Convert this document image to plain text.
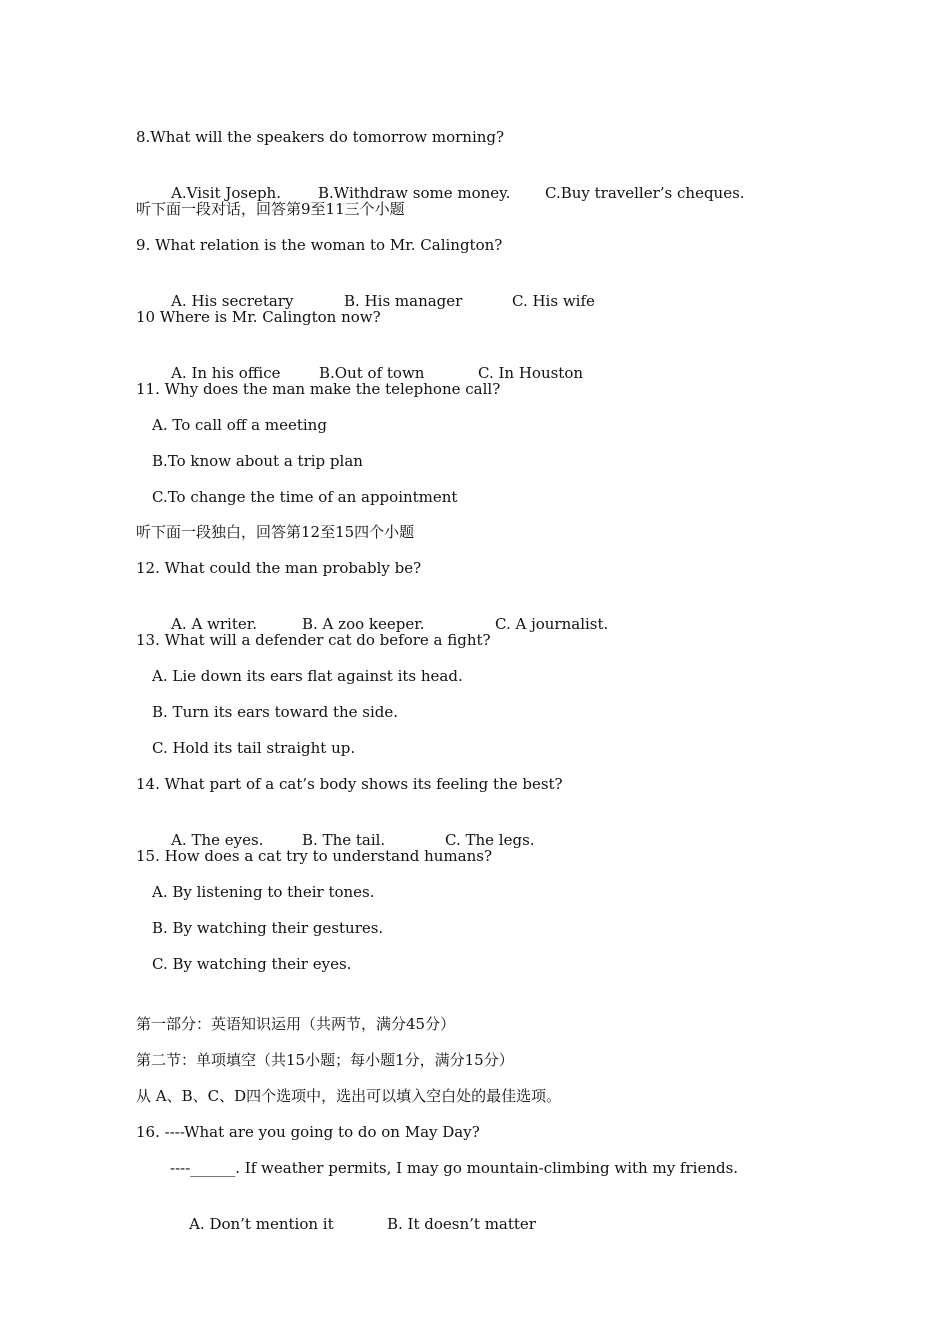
8.What will the speakers do tomorrow morning?

A.Visit Joseph. B.Withdraw some money. C.Buy traveller’s cheques.

听下面一段对话，回答第9至11三个小题
9. What relation is the woman to Mr. Calington?

A. His secretary	B. His manager	C. His wife

10 Where is Mr. Calington now?

A. In his office	B.Out of town	C. In Houston

11. Why does the man make the telephone call?
A. To call off a meeting
B.To know about a trip plan
C.To change the time of an appointment
听下面一段独白，回答第12至15四个小题
12. What could the man probably be?

A. A writer.	B. A zoo keeper.	C. A journalist.

13. What will a defender cat do before a fight?
A. Lie down its ears flat against its head.
B. Turn its ears toward the side.
C. Hold its tail straight up.
14. What part of a cat’s body shows its feeling the best?

A. The eyes.	B. The tail.	C. The legs.

15. How does a cat try to understand humans?
A. By listening to their tones.
B. By watching their gestures.
C. By watching their eyes.
第一部分：英语知识运用（共两节，满分45分）
第二节：单项填空（共15小题；每小题1分，满分15分）
从 A、B、C、D四个选项中，选出可以填入空白处的最佳选项。
16. ----What are you going to do on May Day?
----______. If weather permits, I may go mountain-climbing with my friends.

A. Don’t mention it	B. It doesn’t matter
